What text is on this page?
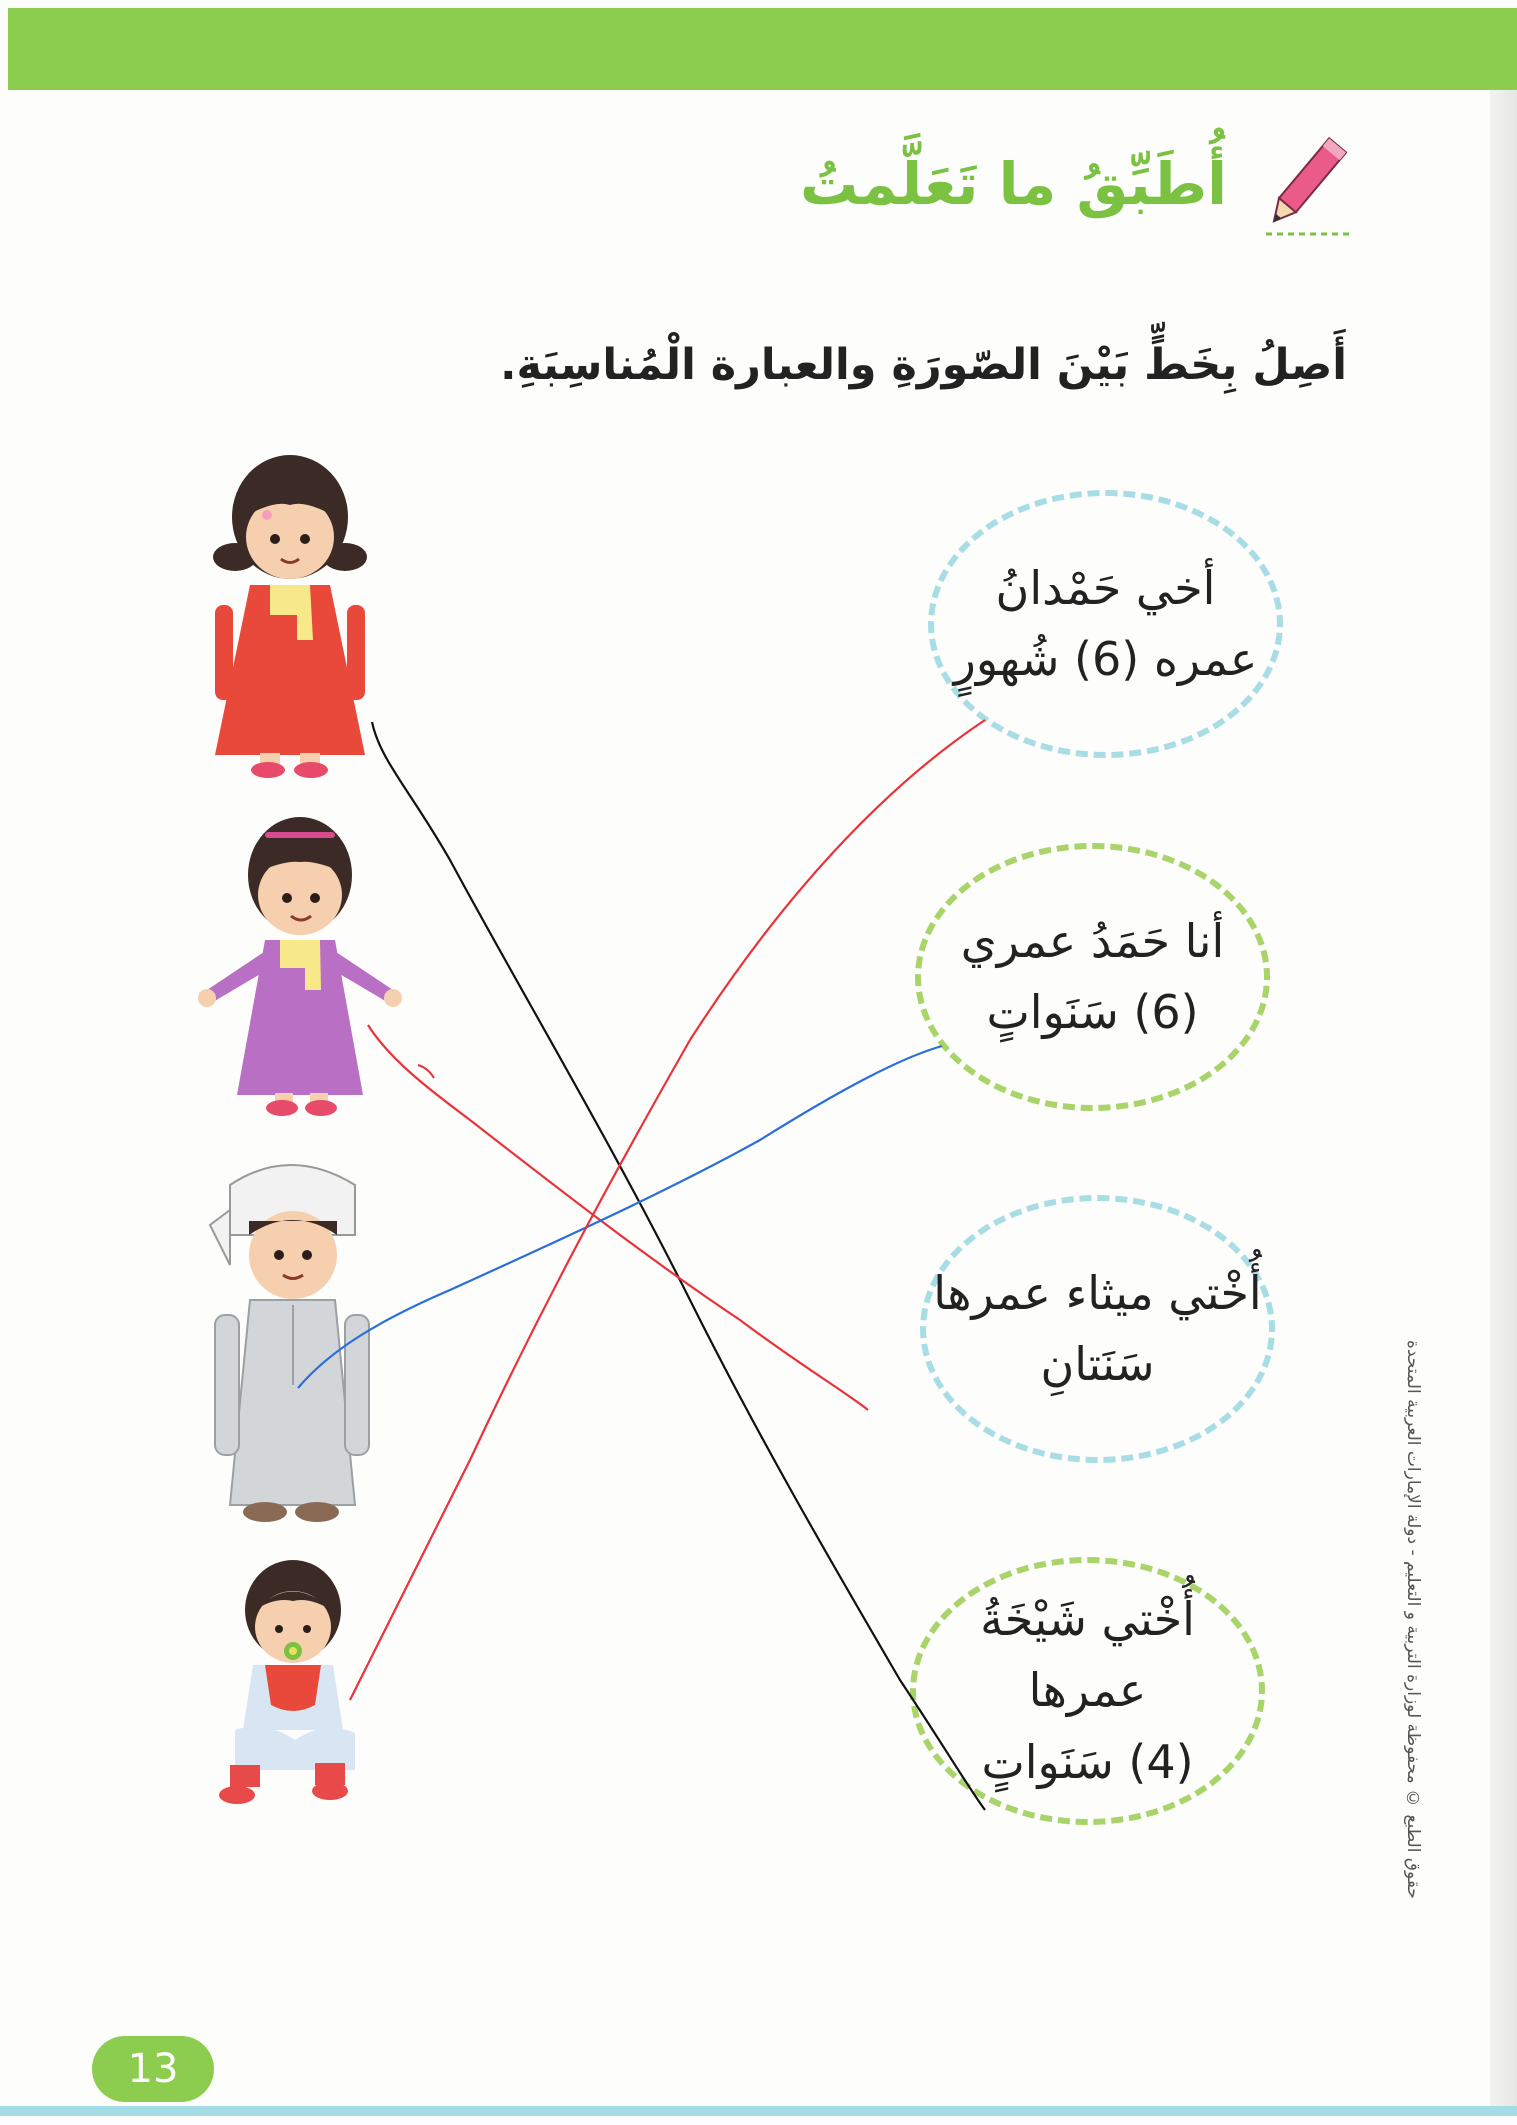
أُطَبِّقُ ما تَعَلَّمتُ
أَصِلُ بِخَطٍّ بَيْنَ الصّورَةِ والعبارة الْمُناسِبَةِ.
أخي حَمْدانُ
عمره (6) شُهورٍ
أنا حَمَدُ عمري
(6) سَنَواتٍ
أُخْتي ميثاء عمرها
سَنَتانِ
أُخْتي شَيْخَةُ عمرها
(4) سَنَواتٍ	حقوق الطبع © محفوظة لوزارة التربية و التعليم - دولة الإمارات العربية المتحدة
13
